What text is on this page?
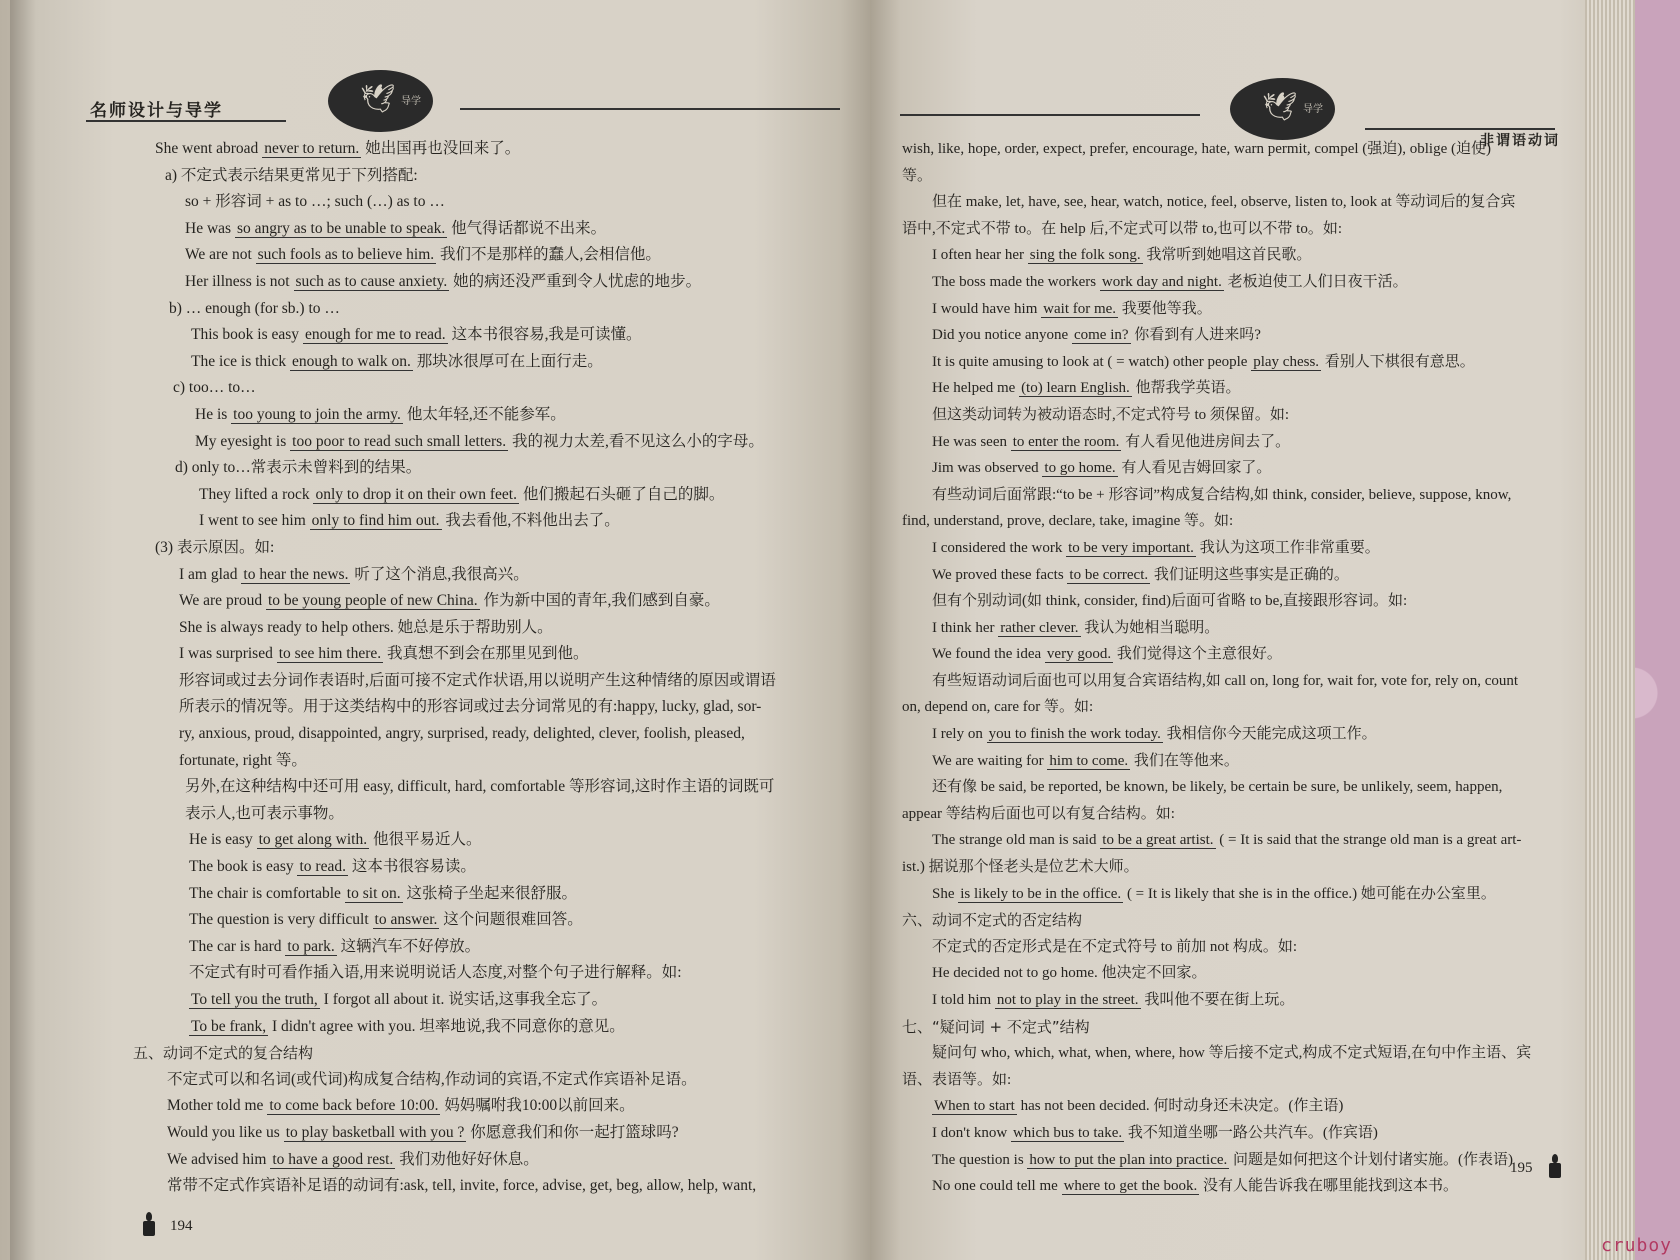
名师设计与导学	🕊 导学

She went abroad never to return. 她出国再也没回来了。

a) 不定式表示结果更常见于下列搭配:

so + 形容词 + as to …; such (…) as to …

He was so angry as to be unable to speak. 他气得话都说不出来。

We are not such fools as to believe him. 我们不是那样的蠢人,会相信他。

Her illness is not such as to cause anxiety. 她的病还没严重到令人忧虑的地步。

b) … enough (for sb.) to …

This book is easy enough for me to read. 这本书很容易,我是可读懂。

The ice is thick enough to walk on. 那块冰很厚可在上面行走。

c) too… to…

He is too young to join the army. 他太年轻,还不能参军。

My eyesight is too poor to read such small letters. 我的视力太差,看不见这么小的字母。

d) only to…常表示未曾料到的结果。

They lifted a rock only to drop it on their own feet. 他们搬起石头砸了自己的脚。

I went to see him only to find him out. 我去看他,不料他出去了。

(3) 表示原因。如:

I am glad to hear the news. 听了这个消息,我很高兴。

We are proud to be young people of new China. 作为新中国的青年,我们感到自豪。

She is always ready to help others. 她总是乐于帮助别人。

I was surprised to see him there. 我真想不到会在那里见到他。

形容词或过去分词作表语时,后面可接不定式作状语,用以说明产生这种情绪的原因或谓语

所表示的情况等。用于这类结构中的形容词或过去分词常见的有:happy, lucky, glad, sor-

ry, anxious, proud, disappointed, angry, surprised, ready, delighted, clever, foolish, pleased,

fortunate, right 等。

另外,在这种结构中还可用 easy, difficult, hard, comfortable 等形容词,这时作主语的词既可

表示人,也可表示事物。

He is easy to get along with. 他很平易近人。

The book is easy to read. 这本书很容易读。

The chair is comfortable to sit on. 这张椅子坐起来很舒服。

The question is very difficult to answer. 这个问题很难回答。

The car is hard to park. 这辆汽车不好停放。

不定式有时可看作插入语,用来说明说话人态度,对整个句子进行解释。如:

To tell you the truth, I forgot all about it. 说实话,这事我全忘了。

To be frank, I didn't agree with you. 坦率地说,我不同意你的意见。

五、动词不定式的复合结构

不定式可以和名词(或代词)构成复合结构,作动词的宾语,不定式作宾语补足语。

Mother told me to come back before 10:00. 妈妈嘱咐我10:00以前回来。

Would you like us to play basketball with you ? 你愿意我们和你一起打篮球吗?

We advised him to have a good rest. 我们劝他好好休息。

常带不定式作宾语补足语的动词有:ask, tell, invite, force, advise, get, beg, allow, help, want,

194
🕊 导学
非谓语动词

wish, like, hope, order, expect, prefer, encourage, hate, warn permit, compel (强迫), oblige (迫使)

等。

但在 make, let, have, see, hear, watch, notice, feel, observe, listen to, look at 等动词后的复合宾

语中,不定式不带 to。在 help 后,不定式可以带 to,也可以不带 to。如:

I often hear her sing the folk song. 我常听到她唱这首民歌。

The boss made the workers work day and night. 老板迫使工人们日夜干活。

I would have him wait for me. 我要他等我。

Did you notice anyone come in? 你看到有人进来吗?

It is quite amusing to look at ( = watch) other people play chess. 看别人下棋很有意思。

He helped me (to) learn English. 他帮我学英语。

但这类动词转为被动语态时,不定式符号 to 须保留。如:

He was seen to enter the room. 有人看见他进房间去了。

Jim was observed to go home. 有人看见吉姆回家了。

有些动词后面常跟:“to be + 形容词”构成复合结构,如 think, consider, believe, suppose, know,

find, understand, prove, declare, take, imagine 等。如:

I considered the work to be very important. 我认为这项工作非常重要。

We proved these facts to be correct. 我们证明这些事实是正确的。

但有个别动词(如 think, consider, find)后面可省略 to be,直接跟形容词。如:

I think her rather clever. 我认为她相当聪明。

We found the idea very good. 我们觉得这个主意很好。

有些短语动词后面也可以用复合宾语结构,如 call on, long for, wait for, vote for, rely on, count

on, depend on, care for 等。如:

I rely on you to finish the work today. 我相信你今天能完成这项工作。

We are waiting for him to come. 我们在等他来。

还有像 be said, be reported, be known, be likely, be certain be sure, be unlikely, seem, happen,

appear 等结构后面也可以有复合结构。如:

The strange old man is said to be a great artist. ( = It is said that the strange old man is a great art-

ist.) 据说那个怪老头是位艺术大师。

She is likely to be in the office. ( = It is likely that she is in the office.) 她可能在办公室里。

六、动词不定式的否定结构

不定式的否定形式是在不定式符号 to 前加 not 构成。如:

He decided not to go home. 他决定不回家。

I told him not to play in the street. 我叫他不要在街上玩。

七、“疑问词 + 不定式”结构

疑问句 who, which, what, when, where, how 等后接不定式,构成不定式短语,在句中作主语、宾

语、表语等。如:

When to start has not been decided. 何时动身还未决定。(作主语)

I don't know which bus to take. 我不知道坐哪一路公共汽车。(作宾语)

The question is how to put the plan into practice. 问题是如何把这个计划付诸实施。(作表语)

No one could tell me where to get the book. 没有人能告诉我在哪里能找到这本书。

195
cruboy
